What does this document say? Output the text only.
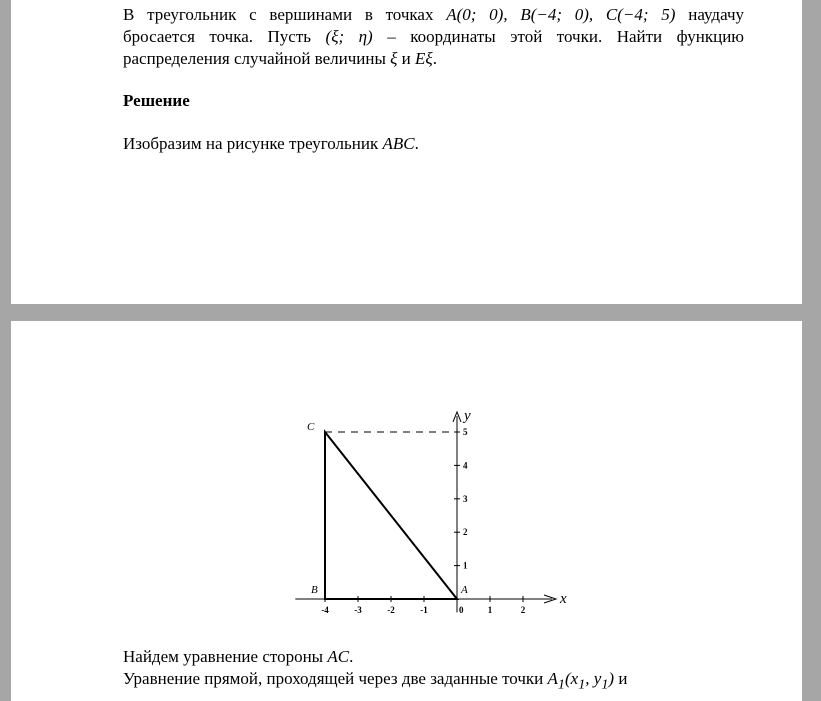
В треугольник с вершинами в точках A(0; 0), B(−4; 0), C(−4; 5) наудачу

бросается точка. Пусть (ξ; η) – координаты этой точки. Найти функцию

распределения случайной величины ξ и Eξ.

Решение

Изобразим на рисунке треугольник ABC.

x
y
-4	-3	-2	-1	0	1	2
1
2
3
4
5
A
B
C

Найдем уравнение стороны AC.

Уравнение прямой, проходящей через две заданные точки $A_1(x_1$, $y_1$) и
